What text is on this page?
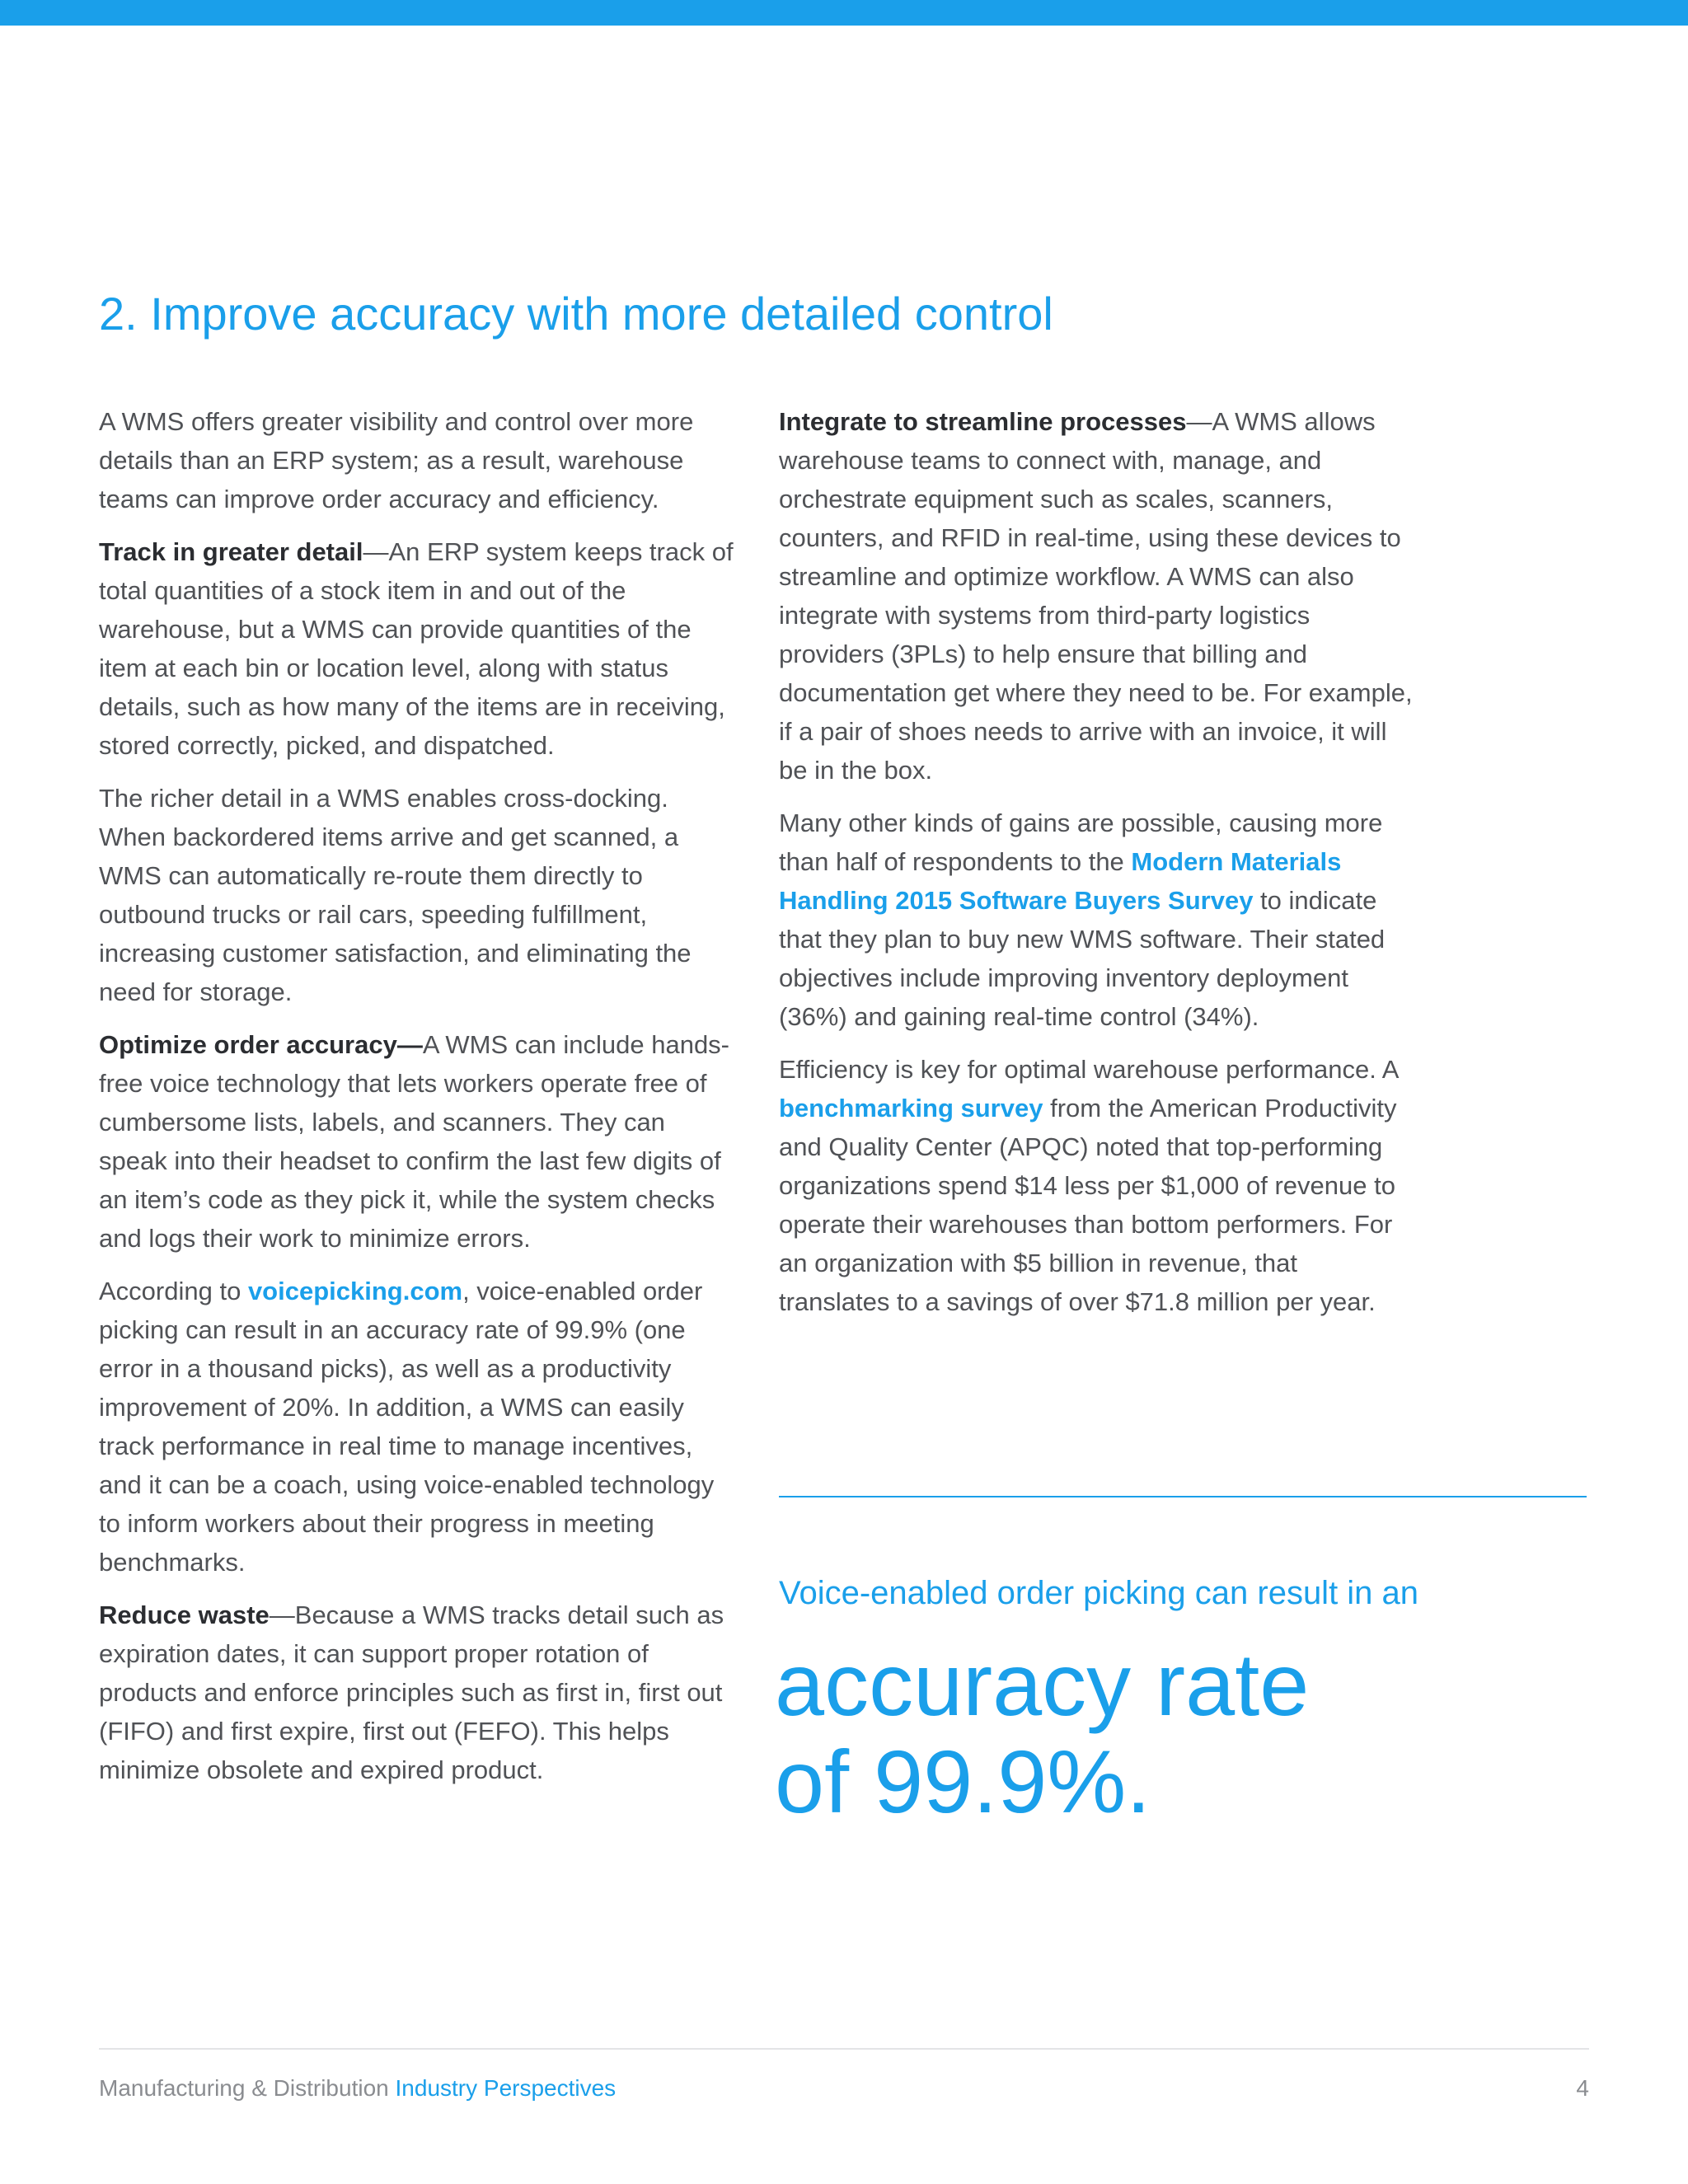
2. Improve accuracy with more detailed control

A WMS offers greater visibility and control over more details than an ERP system; as a result, warehouse teams can improve order accuracy and efficiency.

Track in greater detail—An ERP system keeps track of total quantities of a stock item in and out of the warehouse, but a WMS can provide quantities of the item at each bin or location level, along with status details, such as how many of the items are in receiving, stored correctly, picked, and dispatched.

The richer detail in a WMS enables cross-docking. When backordered items arrive and get scanned, a WMS can automatically re-route them directly to outbound trucks or rail cars, speeding fulfillment, increasing customer satisfaction, and eliminating the need for storage.

Optimize order accuracy—A WMS can include hands-free voice technology that lets workers operate free of cumbersome lists, labels, and scanners. They can speak into their headset to confirm the last few digits of an item’s code as they pick it, while the system checks and logs their work to minimize errors.

According to voicepicking.com, voice-enabled order picking can result in an accuracy rate of 99.9% (one error in a thousand picks), as well as a productivity improvement of 20%. In addition, a WMS can easily track performance in real time to manage incentives, and it can be a coach, using voice-enabled technology to inform workers about their progress in meeting benchmarks.

Reduce waste—Because a WMS tracks detail such as expiration dates, it can support proper rotation of products and enforce principles such as first in, first out (FIFO) and first expire, first out (FEFO). This helps minimize obsolete and expired product.

Integrate to streamline processes—A WMS allows warehouse teams to connect with, manage, and orchestrate equipment such as scales, scanners, counters, and RFID in real-time, using these devices to streamline and optimize workflow. A WMS can also integrate with systems from third-party logistics providers (3PLs) to help ensure that billing and documentation get where they need to be. For example, if a pair of shoes needs to arrive with an invoice, it will be in the box.

Many other kinds of gains are possible, causing more than half of respondents to the Modern Materials Handling 2015 Software Buyers Survey to indicate that they plan to buy new WMS software. Their stated objectives include improving inventory deployment (36%) and gaining real-time control (34%).

Efficiency is key for optimal warehouse performance. A benchmarking survey from the American Productivity and Quality Center (APQC) noted that top-performing organizations spend $14 less per $1,000 of revenue to operate their warehouses than bottom performers. For an organization with $5 billion in revenue, that translates to a savings of over $71.8 million per year.

Voice-enabled order picking can result in an

accuracy rate
of 99.9%.

Manufacturing & Distribution Industry Perspectives	4
